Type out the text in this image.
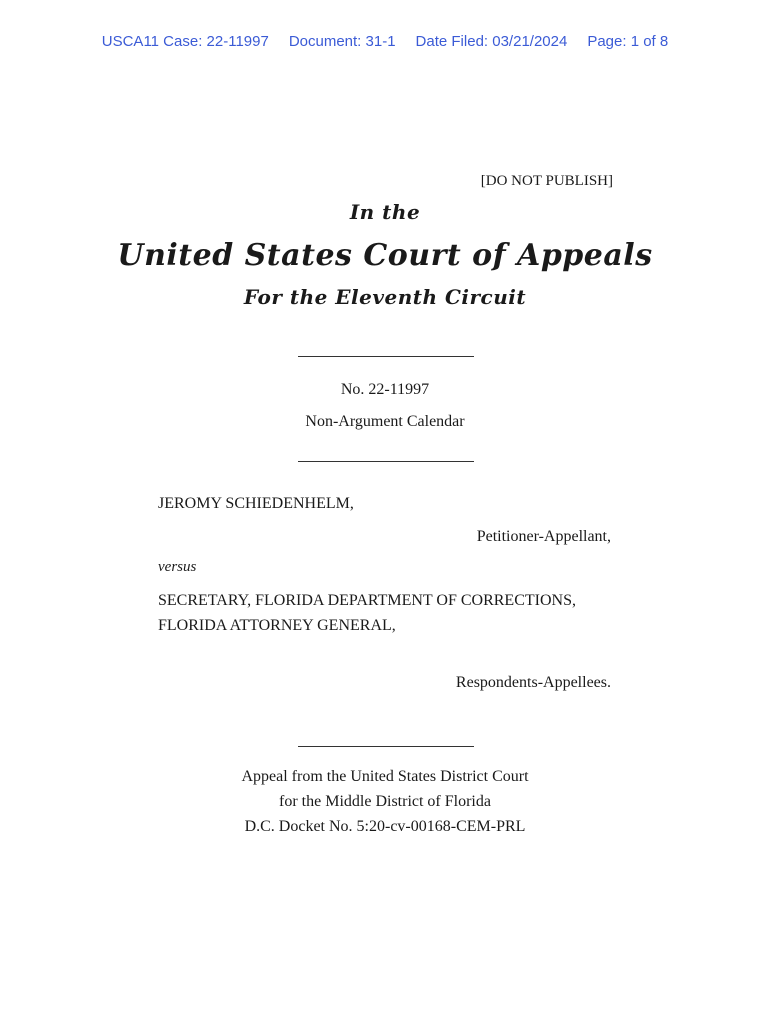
USCA11 Case: 22-11997 Document: 31-1 Date Filed: 03/21/2024 Page: 1 of 8
[DO NOT PUBLISH]
In the
United States Court of Appeals
For the Eleventh Circuit
No. 22-11997
Non-Argument Calendar
JEROMY SCHIEDENHELM,
Petitioner-Appellant,
versus
SECRETARY, FLORIDA DEPARTMENT OF CORRECTIONS,
FLORIDA ATTORNEY GENERAL,
Respondents-Appellees.
Appeal from the United States District Court
for the Middle District of Florida
D.C. Docket No. 5:20-cv-00168-CEM-PRL
